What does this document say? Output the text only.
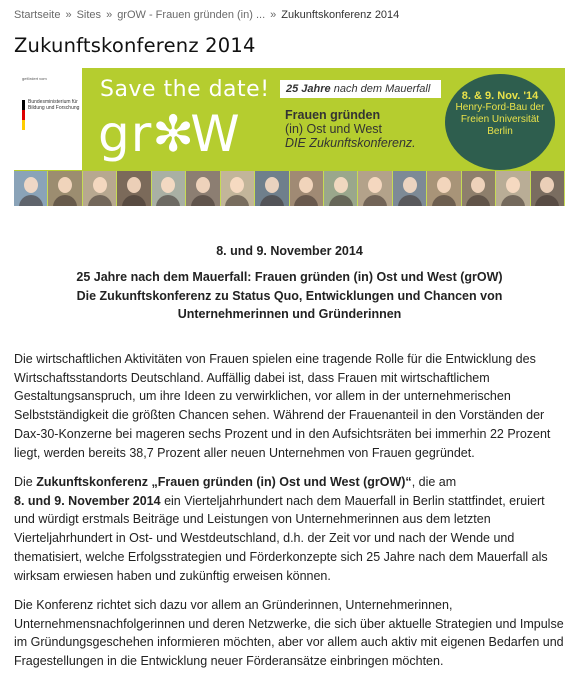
Startseite » Sites » grOW - Frauen gründen (in) ... » Zukunftskonferenz 2014
Zukunftskonferenz 2014
gefördert vom
Bundesministerium für Bildung und Forschung
Save the date!
gr✻W
25 Jahre nach dem Mauerfall
Frauen gründen
(in) Ost und West
DIE Zukunftskonferenz.
8. & 9. Nov. '14
Henry-Ford-Bau der
Freien Universität
Berlin
8. und 9. November 2014
25 Jahre nach dem Mauerfall: Frauen gründen (in) Ost und West (grOW)
Die Zukunftskonferenz zu Status Quo, Entwicklungen und Chancen von
Unternehmerinnen und Gründerinnen

Die wirtschaftlichen Aktivitäten von Frauen spielen eine tragende Rolle für die Entwicklung des Wirtschaftsstandorts Deutschland. Auffällig dabei ist, dass Frauen mit wirtschaftlichem Gestaltungsanspruch, um ihre Ideen zu verwirklichen, vor allem in der unternehmerischen Selbstständigkeit die größten Chancen sehen. Während der Frauenanteil in den Vorständen der Dax-30-Konzerne bei mageren sechs Prozent und in den Aufsichtsräten bei immerhin 22 Prozent liegt, werden bereits 38,7 Prozent aller neuen Unternehmen von Frauen gegründet.

Die Zukunftskonferenz „Frauen gründen (in) Ost und West (grOW)“, die am
8. und 9. November 2014 ein Vierteljahrhundert nach dem Mauerfall in Berlin stattfindet, eruiert und würdigt erstmals Beiträge und Leistungen von Unternehmerinnen aus dem letzten Vierteljahrhundert in Ost- und Westdeutschland, d.h. der Zeit vor und nach der Wende und thematisiert, welche Erfolgsstrategien und Förderkonzepte sich 25 Jahre nach dem Mauerfall als wirksam erwiesen haben und zukünftig erweisen können.

Die Konferenz richtet sich dazu vor allem an Gründerinnen, Unternehmerinnen, Unternehmensnachfolgerinnen und deren Netzwerke, die sich über aktuelle Strategien und Impulse im Gründungsgeschehen informieren möchten, aber vor allem auch aktiv mit eigenen Bedarfen und Fragestellungen in die Entwicklung neuer Förderansätze einbringen möchten.
